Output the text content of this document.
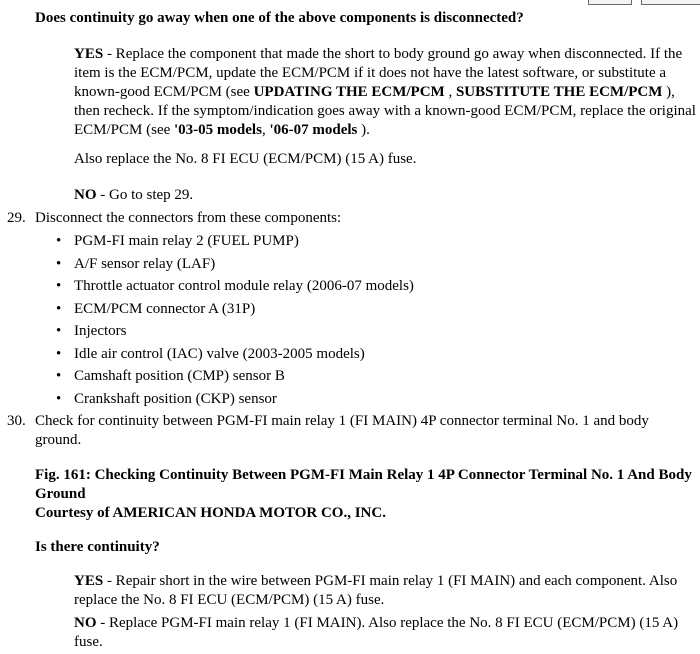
Does continuity go away when one of the above components is disconnected?
YES - Replace the component that made the short to body ground go away when disconnected. If the item is the ECM/PCM, update the ECM/PCM if it does not have the latest software, or substitute a known-good ECM/PCM (see UPDATING THE ECM/PCM , SUBSTITUTE THE ECM/PCM ), then recheck. If the symptom/indication goes away with a known-good ECM/PCM, replace the original ECM/PCM (see '03-05 models, '06-07 models ).
Also replace the No. 8 FI ECU (ECM/PCM) (15 A) fuse.
NO - Go to step 29.
29. Disconnect the connectors from these components:
• PGM-FI main relay 2 (FUEL PUMP)
• A/F sensor relay (LAF)
• Throttle actuator control module relay (2006-07 models)
• ECM/PCM connector A (31P)
• Injectors
• Idle air control (IAC) valve (2003-2005 models)
• Camshaft position (CMP) sensor B
• Crankshaft position (CKP) sensor
30. Check for continuity between PGM-FI main relay 1 (FI MAIN) 4P connector terminal No. 1 and body ground.
Fig. 161: Checking Continuity Between PGM-FI Main Relay 1 4P Connector Terminal No. 1 And Body Ground
Courtesy of AMERICAN HONDA MOTOR CO., INC.
Is there continuity?
YES - Repair short in the wire between PGM-FI main relay 1 (FI MAIN) and each component. Also replace the No. 8 FI ECU (ECM/PCM) (15 A) fuse.
NO - Replace PGM-FI main relay 1 (FI MAIN). Also replace the No. 8 FI ECU (ECM/PCM) (15 A) fuse.
